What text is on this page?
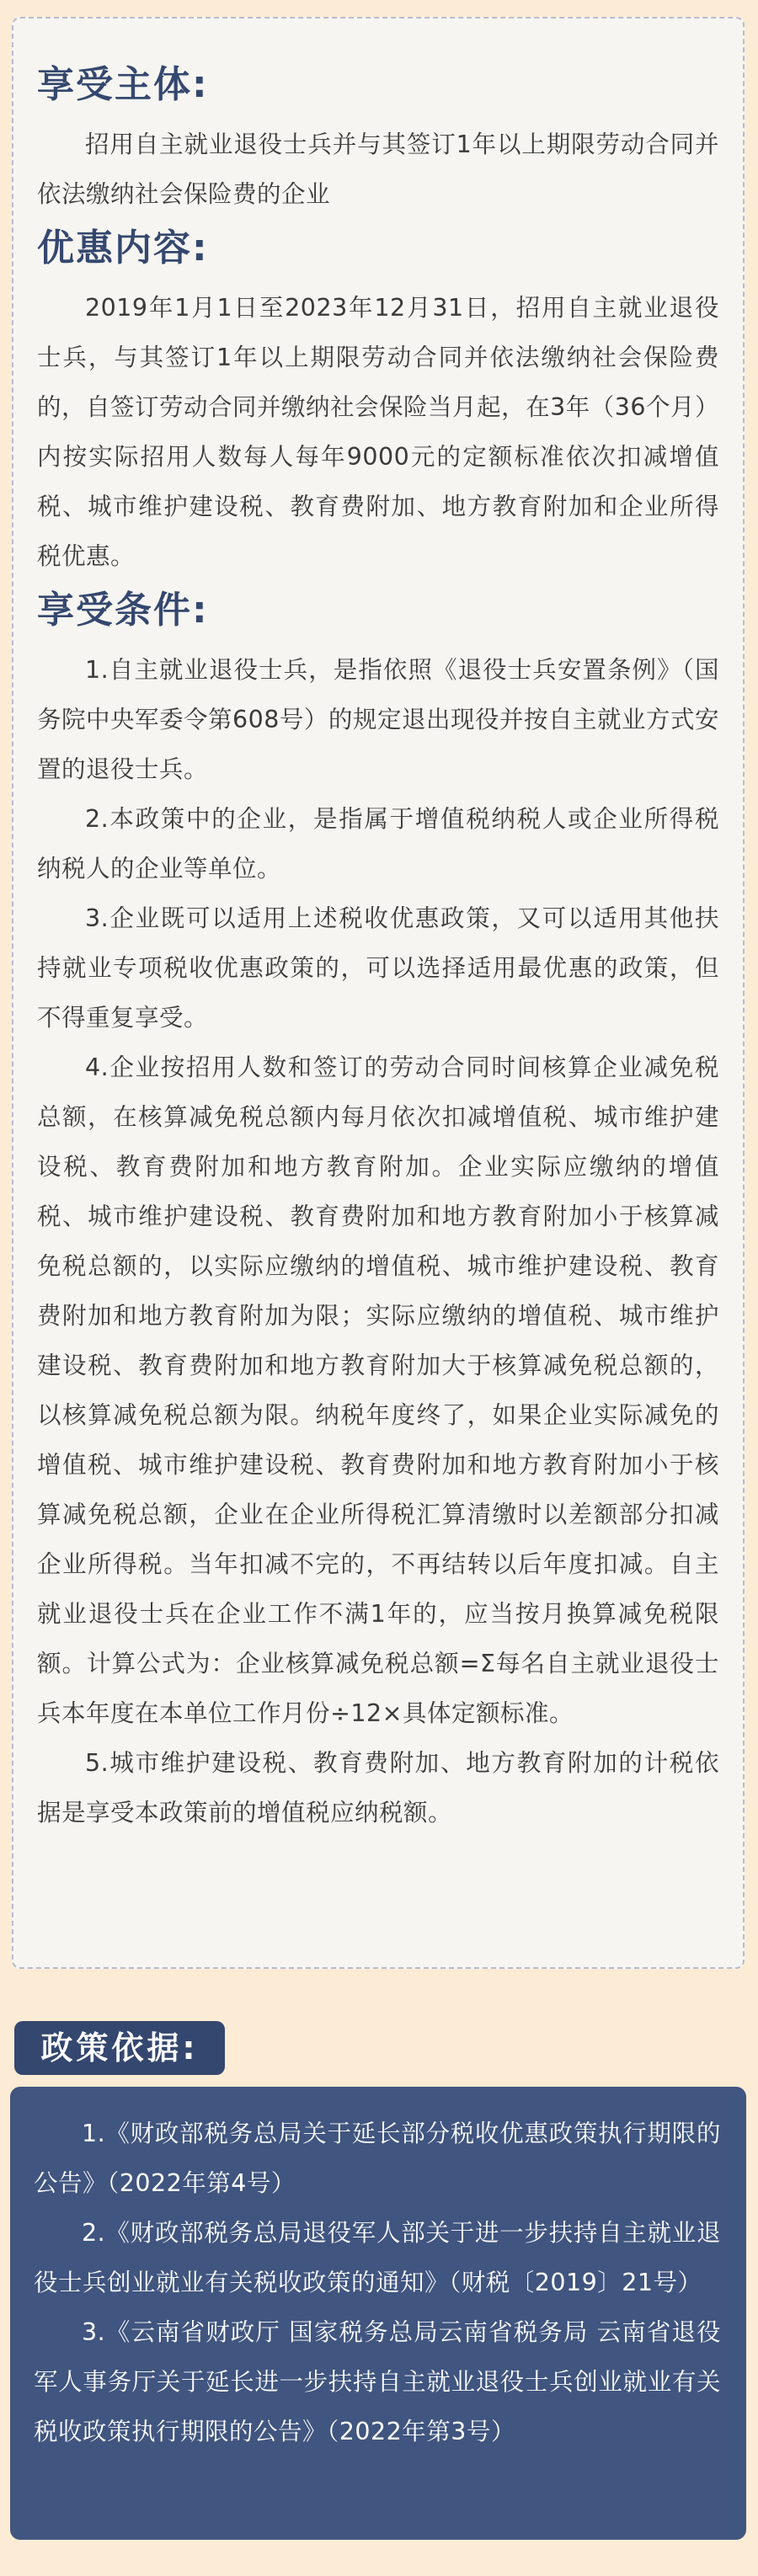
享受主体:

招用自主就业退役士兵并与其签订1年以上期限劳动合同并依法缴纳社会保险费的企业

优惠内容:

2019年1月1日至2023年12月31日，招用自主就业退役士兵，与其签订1年以上期限劳动合同并依法缴纳社会保险费的，自签订劳动合同并缴纳社会保险当月起，在3年（36个月）内按实际招用人数每人每年9000元的定额标准依次扣减增值税、城市维护建设税、教育费附加、地方教育附加和企业所得税优惠。

享受条件:

1.自主就业退役士兵，是指依照《退役士兵安置条例》（国务院中央军委令第608号）的规定退出现役并按自主就业方式安置的退役士兵。

2.本政策中的企业，是指属于增值税纳税人或企业所得税纳税人的企业等单位。

3.企业既可以适用上述税收优惠政策，又可以适用其他扶持就业专项税收优惠政策的，可以选择适用最优惠的政策，但不得重复享受。

4.企业按招用人数和签订的劳动合同时间核算企业减免税总额，在核算减免税总额内每月依次扣减增值税、城市维护建设税、教育费附加和地方教育附加。企业实际应缴纳的增值税、城市维护建设税、教育费附加和地方教育附加小于核算减免税总额的，以实际应缴纳的增值税、城市维护建设税、教育费附加和地方教育附加为限；实际应缴纳的增值税、城市维护建设税、教育费附加和地方教育附加大于核算减免税总额的，以核算减免税总额为限。纳税年度终了，如果企业实际减免的增值税、城市维护建设税、教育费附加和地方教育附加小于核算减免税总额，企业在企业所得税汇算清缴时以差额部分扣减企业所得税。当年扣减不完的，不再结转以后年度扣减。自主就业退役士兵在企业工作不满1年的，应当按月换算减免税限额。计算公式为：企业核算减免税总额=Σ每名自主就业退役士兵本年度在本单位工作月份÷12×具体定额标准。

5.城市维护建设税、教育费附加、地方教育附加的计税依据是享受本政策前的增值税应纳税额。

政策依据:

1.《财政部税务总局关于延长部分税收优惠政策执行期限的公告》（2022年第4号）

2.《财政部税务总局退役军人部关于进一步扶持自主就业退役士兵创业就业有关税收政策的通知》（财税〔2019〕21号）

3.《云南省财政厅 国家税务总局云南省税务局 云南省退役军人事务厅关于延长进一步扶持自主就业退役士兵创业就业有关税收政策执行期限的公告》（2022年第3号）
